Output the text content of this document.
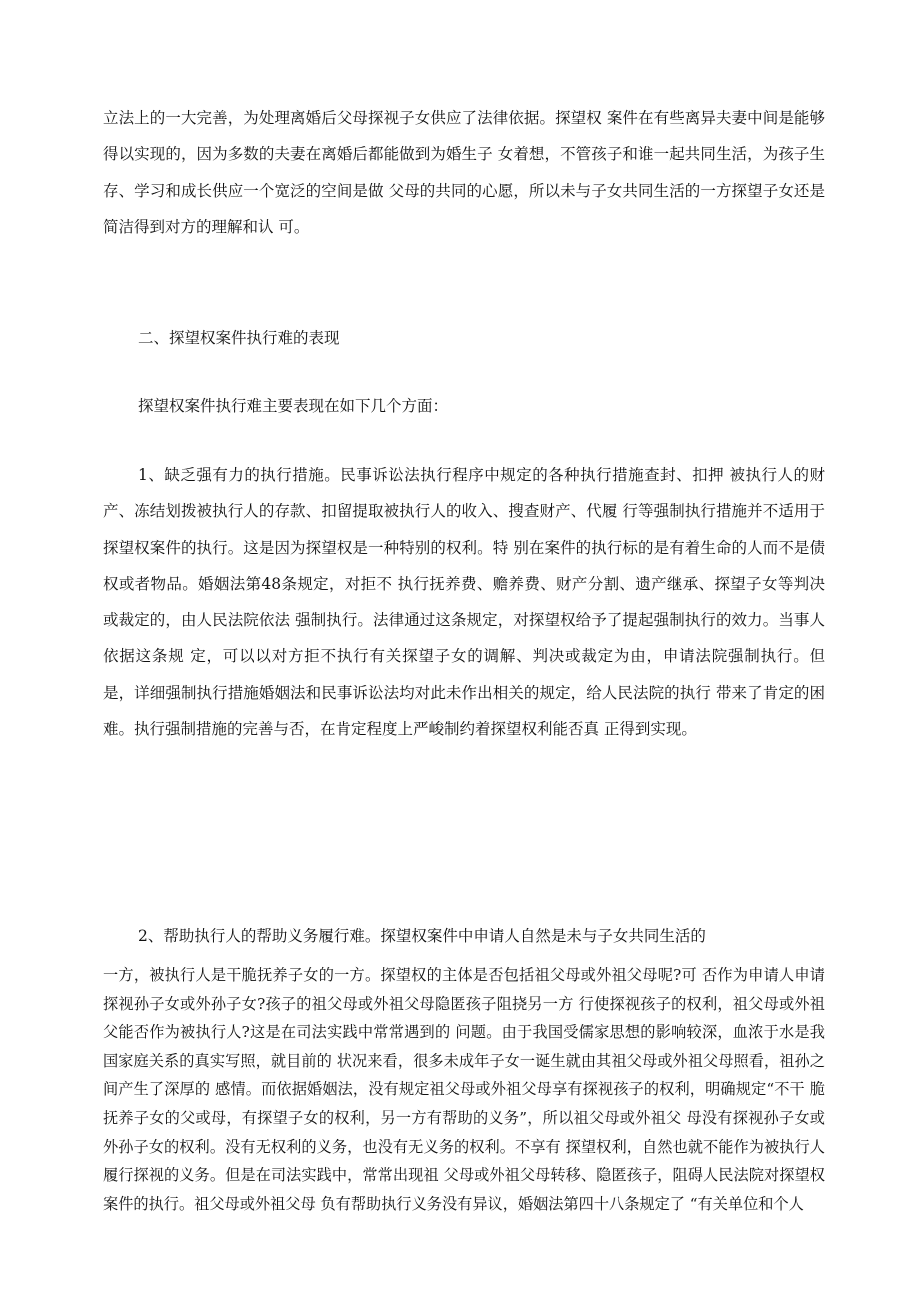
立法上的一大完善，为处理离婚后父母探视子女供应了法律依据。探望权 案件在有些离异夫妻中间是能够得以实现的，因为多数的夫妻在离婚后都能做到为婚生子 女着想，不管孩子和谁一起共同生活，为孩子生存、学习和成长供应一个宽泛的空间是做 父母的共同的心愿，所以未与子女共同生活的一方探望子女还是简洁得到对方的理解和认 可。

二、探望权案件执行难的表现

探望权案件执行难主要表现在如下几个方面：

1、缺乏强有力的执行措施。民事诉讼法执行程序中规定的各种执行措施查封、扣押 被执行人的财产、冻结划拨被执行人的存款、扣留提取被执行人的收入、搜查财产、代履 行等强制执行措施并不适用于探望权案件的执行。这是因为探望权是一种特别的权利。特 别在案件的执行标的是有着生命的人而不是债权或者物品。婚姻法第48条规定，对拒不 执行抚养费、赡养费、财产分割、遗产继承、探望子女等判决或裁定的，由人民法院依法 强制执行。法律通过这条规定，对探望权给予了提起强制执行的效力。当事人依据这条规 定，可以以对方拒不执行有关探望子女的调解、判决或裁定为由，申请法院强制执行。但 是，详细强制执行措施婚姻法和民事诉讼法均对此未作出相关的规定，给人民法院的执行 带来了肯定的困难。执行强制措施的完善与否，在肯定程度上严峻制约着探望权利能否真 正得到实现。

2、帮助执行人的帮助义务履行难。探望权案件中申请人自然是未与子女共同生活的

一方，被执行人是干脆抚养子女的一方。探望权的主体是否包括祖父母或外祖父母呢?可 否作为申请人申请探视孙子女或外孙子女?孩子的祖父母或外祖父母隐匿孩子阻挠另一方 行使探视孩子的权利，祖父母或外祖父能否作为被执行人?这是在司法实践中常常遇到的 问题。由于我国受儒家思想的影响较深，血浓于水是我国家庭关系的真实写照，就目前的 状况来看，很多未成年子女一诞生就由其祖父母或外祖父母照看，祖孙之间产生了深厚的 感情。而依据婚姻法，没有规定祖父母或外祖父母享有探视孩子的权利，明确规定“不干 脆抚养子女的父或母，有探望子女的权利，另一方有帮助的义务”，所以祖父母或外祖父 母没有探视孙子女或外孙子女的权利。没有无权利的义务，也没有无义务的权利。不享有 探望权利，自然也就不能作为被执行人履行探视的义务。但是在司法实践中，常常出现祖 父母或外祖父母转移、隐匿孩子，阻碍人民法院对探望权案件的执行。祖父母或外祖父母 负有帮助执行义务没有异议，婚姻法第四十八条规定了 “有关单位和个人
